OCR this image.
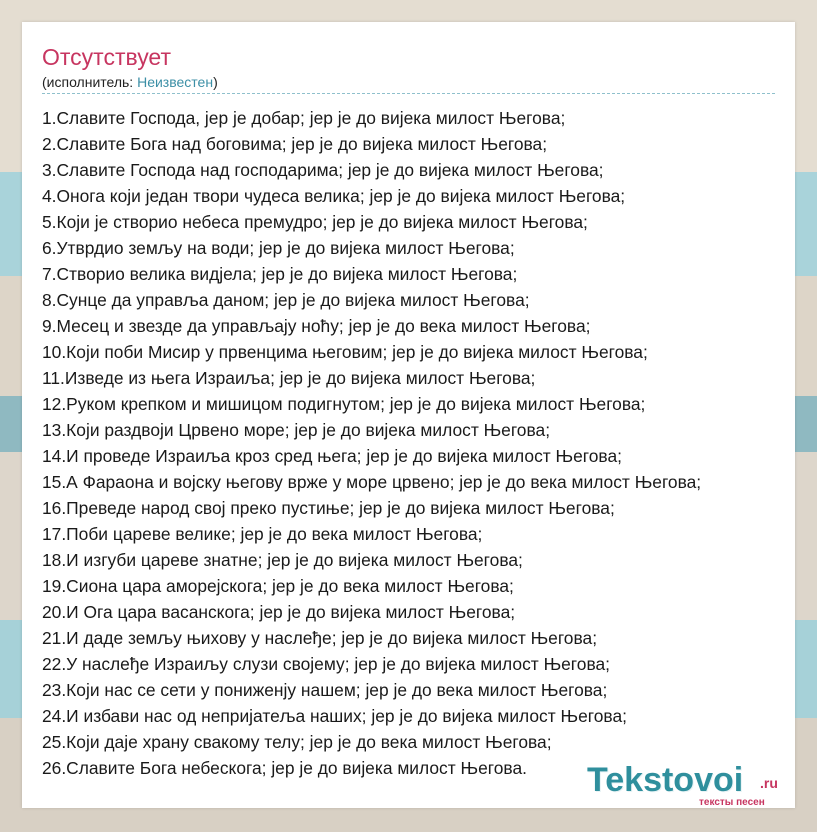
Отсутствует
(исполнитель: Неизвестен)
1.Славите Господа, јер је добар; јер је до вијека милост Његова;
2.Славите Бога над боговима; јер је до вијека милост Његова;
3.Славите Господа над господарима; јер је до вијека милост Његова;
4.Онога који један твори чудеса велика; јер је до вијека милост Његова;
5.Који је створио небеса премудро; јер је до вијека милост Његова;
6.Утврдио земљу на води; јер је до вијека милост Његова;
7.Створио велика видјела; јер је до вијека милост Његова;
8.Сунце да управља даном; јер је до вијека милост Његова;
9.Месец и звезде да управљају ноћу; јер је до века милост Његова;
10.Који поби Мисир у првенцима његовим; јер је до вијека милост Његова;
11.Изведе из њега Израиља; јер је до вијека милост Његова;
12.Руком крепком и мишицом подигнутом; јер је до вијека милост Његова;
13.Који раздвоји Црвено море; јер је до вијека милост Његова;
14.И проведе Израиља кроз сред њега; јер је до вијека милост Његова;
15.А Фараона и војску његову врже у море црвено; јер је до века милост Његова;
16.Преведе народ свој преко пустиње; јер је до вијека милост Његова;
17.Поби цареве велике; јер је до века милост Његова;
18.И изгуби цареве знатне; јер је до вијека милост Његова;
19.Сиона цара аморејскога; јер је до века милост Његова;
20.И Ога цара васанскога; јер је до вијека милост Његова;
21.И даде земљу њихову у наслеђе; јер је до вијека милост Његова;
22.У наслеђе Израиљу слузи своjему; јер је до вијека милост Његова;
23.Који нас се сети у пониженју нашем; јер је до века милост Његова;
24.И избави нас од непријатеља наших; јер је до вијека милост Његова;
25.Који даје храну свакому телу; јер је до века милост Његова;
26.Славите Бога небескога; јер је до вијека милост Његова.	Tekstovoi .ru
тексты песен
